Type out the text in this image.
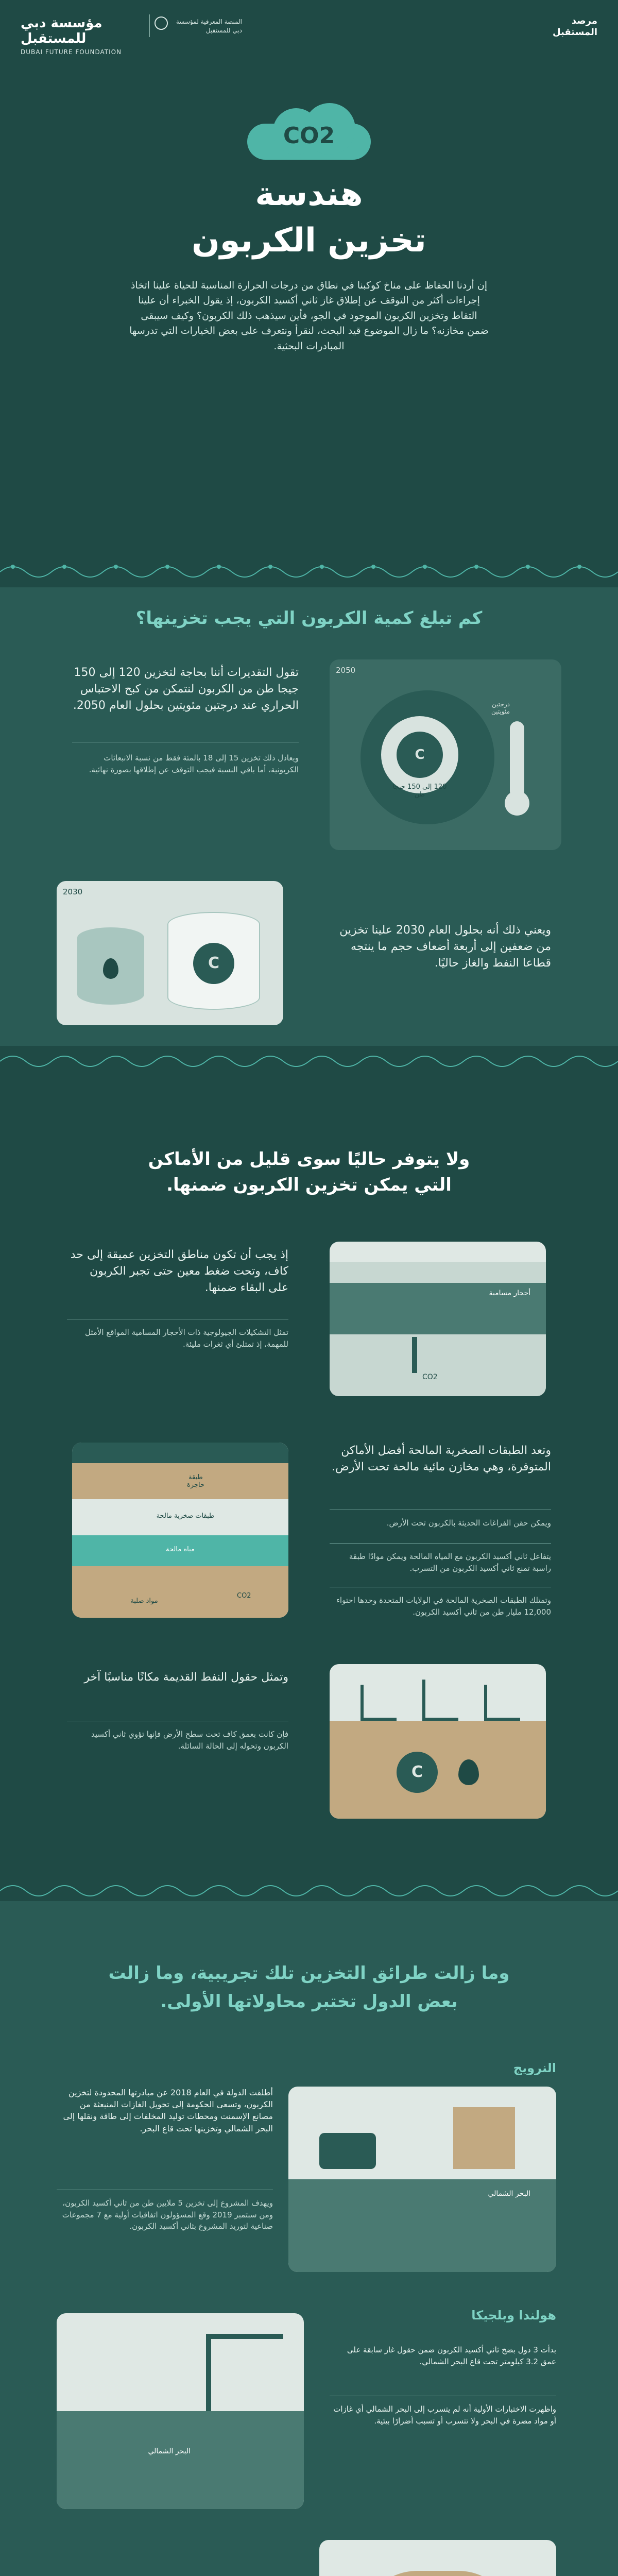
مؤسسة دبي للمستقبل
DUBAI FUTURE FOUNDATION
المنصة المعرفية لمؤسسة دبي للمستقبل
مرصد المستقبل
CO2
هندسة
تخزين الكربون
إن أردنا الحفاظ على مناخ كوكبنا في نطاق من درجات الحرارة المناسبة للحياة علينا اتخاذ إجراءات أكثر من التوقف عن إطلاق غاز ثاني أكسيد الكربون، إذ يقول الخبراء أن علينا التقاط وتخزين الكربون الموجود في الجو، فأين سيذهب ذلك الكربون؟ وكيف سيبقى ضمن مخازنه؟ ما زال الموضوع قيد البحث، لنقرأ ونتعرف على بعض الخيارات التي تدرسها المبادرات البحثية.
كم تبلغ كمية الكربون التي يجب تخزينها؟
2050
C
120 إلى 150 جيجا طن
درجتين مئويتين
تقول التقديرات أننا بحاجة لتخزين 120 إلى 150 جيجا طن من الكربون لنتمكن من كبح الاحتباس الحراري عند درجتين مئويتين بحلول العام 2050.
ويعادل ذلك تخزين 15 إلى 18 بالمئة فقط من نسبة الانبعاثات الكربونية، أما باقي النسبة فيجب التوقف عن إطلاقها بصورة نهائية.
2030
C
ويعني ذلك أنه بحلول العام 2030 علينا تخزين من ضعفين إلى أربعة أضعاف حجم ما ينتجه قطاعا النفط والغاز حاليًا.
ولا يتوفر حاليًا سوى قليل من الأماكن
التي يمكن تخزين الكربون ضمنها.
أحجار مسامية
CO2
إذ يجب أن تكون مناطق التخزين عميقة إلى حد كاف، وتحت ضغط معين حتى تجبر الكربون على البقاء ضمنها.
تمثل التشكيلات الجيولوجية ذات الأحجار المسامية المواقع الأمثل للمهمة، إذ تمتلئ أي ثغرات مليئة.
طبقة حاجزة
طبقات صخرية مالحة
مياه مالحة
مواد صلبة
CO2
وتعد الطبقات الصخرية المالحة أفضل الأماكن المتوفرة، وهي مخازن مائية مالحة تحت الأرض.
ويمكن حقن الفراغات الحديثة بالكربون تحت الأرض.
يتفاعل ثاني أكسيد الكربون مع المياه المالحة ويمكن موادًا طبقة راسبة تمنع ثاني أكسيد الكربون من التسرب.
وتمتلك الطبقات الصخرية المالحة في الولايات المتحدة وحدها احتواء 12,000 مليار طن من ثاني أكسيد الكربون.
C
وتمثل حقول النفط القديمة مكانًا مناسبًا آخر
فإن كانت بعمق كاف تحت سطح الأرض فإنها تؤوي ثاني أكسيد الكربون وتحوله إلى الحالة السائلة.
وما زالت طرائق التخزين تلك تجريبية، وما زالت
بعض الدول تختبر محاولاتها الأولى.
النرويج
البحر الشمالي
أطلقت الدولة في العام 2018 عن مبادرتها المحدودة لتخزين الكربون، وتسعى الحكومة إلى تحويل الغازات المنبعثة من مصانع الإسمنت ومحطات توليد المخلفات إلى طاقة ونقلها إلى البحر الشمالي وتخزينها تحت قاع البحر.
ويهدف المشروع إلى تخزين 5 ملايين طن من ثاني أكسيد الكربون، ومن سبتمبر 2019 وقع المسؤولون اتفاقيات أولية مع 7 مجموعات صناعية لتوريد المشروع بثاني أكسيد الكربون.
هولندا وبلجيكا
البحر الشمالي
بدأت 3 دول بضخ ثاني أكسيد الكربون ضمن حقول غاز سابقة على عمق 3.2 كيلومتر تحت قاع البحر الشمالي.
واظهرت الاختبارات الأولية أنه لم يتسرب إلى البحر الشمالي أي غازات أو مواد مضرة في البحر ولا تتسرب أو تسبب أضرارًا بيئية.
